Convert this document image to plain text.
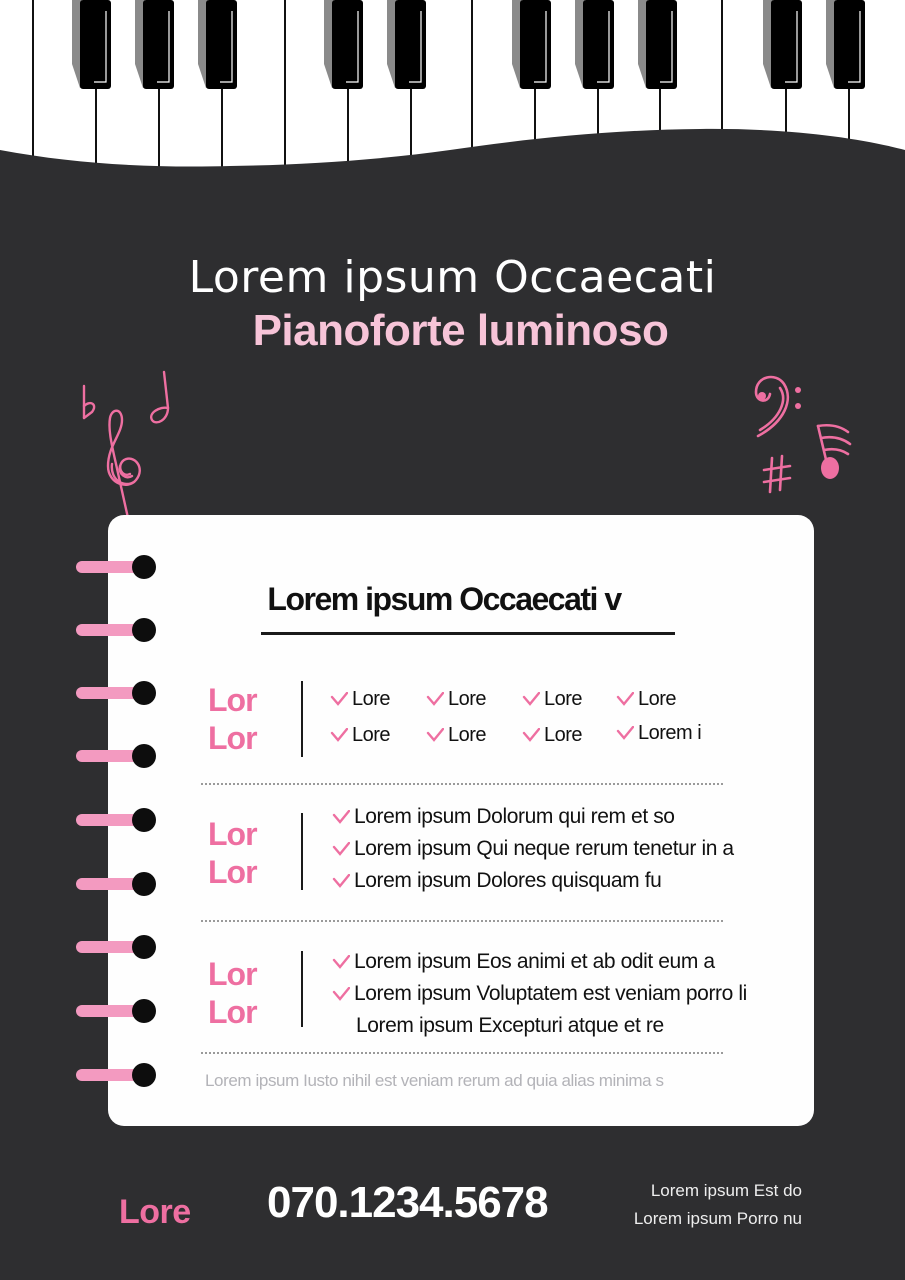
Lorem ipsum Occaecati
Pianoforte luminoso
Lorem ipsum Occaecati v
Lor
Lor
Lore	Lore	Lore	Lore
Lore	Lore	Lore	Lorem i
Lor
Lor
Lorem ipsum Dolorum qui rem et so
Lorem ipsum Qui neque rerum tenetur in a
Lorem ipsum Dolores quisquam fu
Lor
Lor
Lorem ipsum Eos animi et ab odit eum a
Lorem ipsum Voluptatem est veniam porro li
Lorem ipsum Excepturi atque et re
Lorem ipsum Iusto nihil est veniam rerum ad quia alias minima s
Lore 070.1234.5678	Lorem ipsum Est do
Lorem ipsum Porro nu
